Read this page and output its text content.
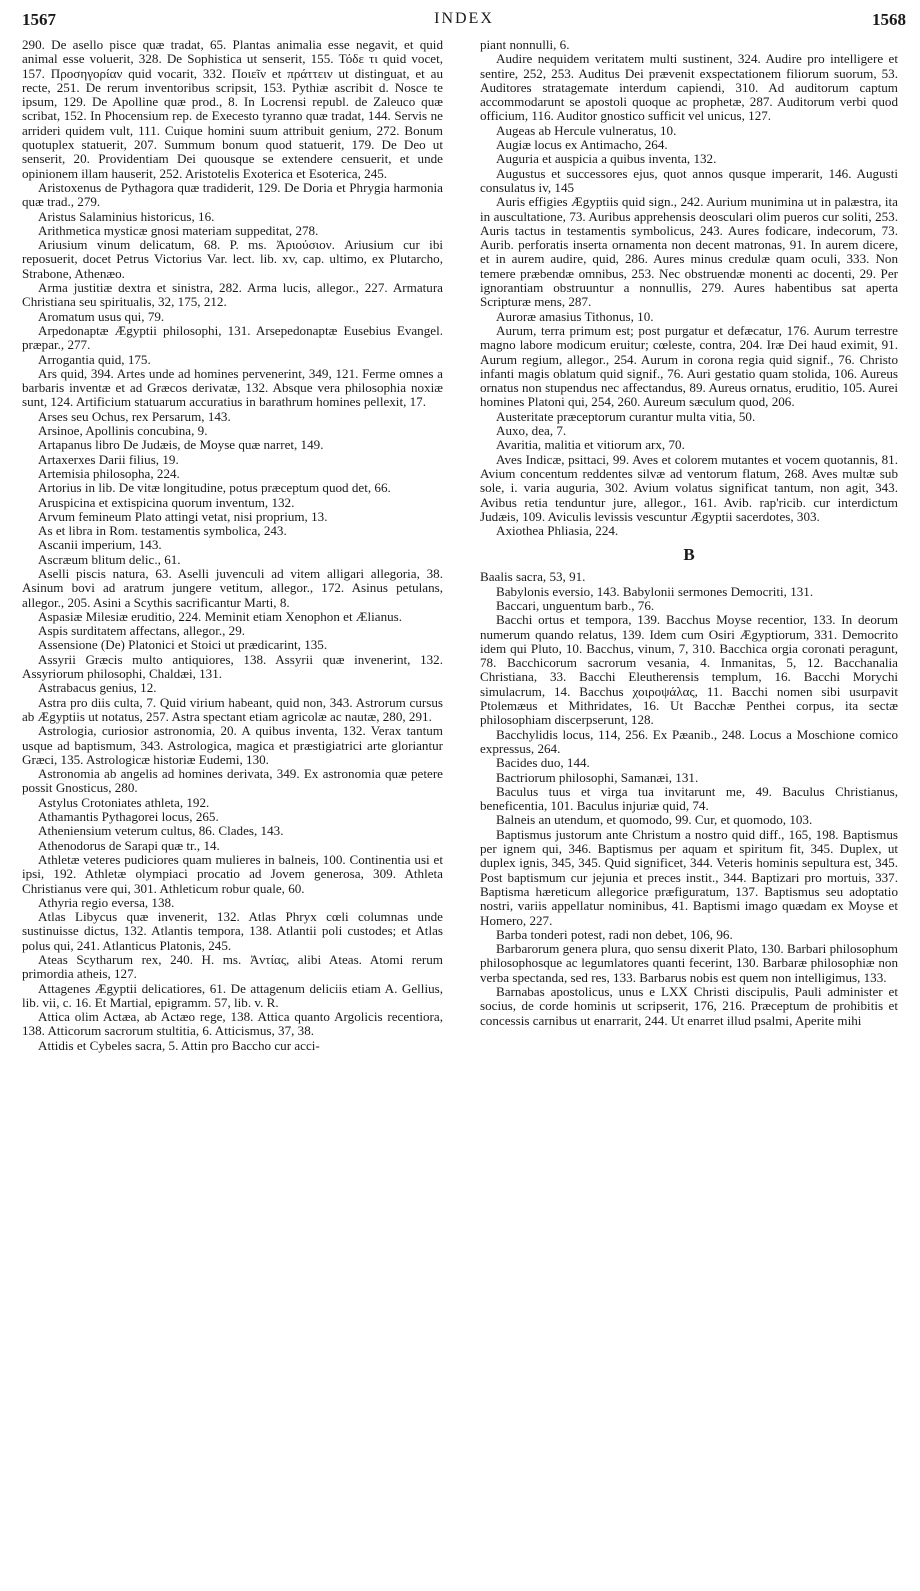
1567	INDEX	1568

290. De asello pisce quæ tradat, 65. Plantas animalia esse negavit, et quid animal esse voluerit, 328. De Sophistica ut senserit, 155. Τόδε τι quid vocet, 157. Προσηγορίαν quid vocarit, 332. Ποιεῖν et πράττειν ut distinguat, et au recte, 251. De rerum inventoribus scripsit, 153. Pythiæ ascribit d. Nosce te ipsum, 129. De Apolline quæ prod., 8. In Locrensi republ. de Zaleuco quæ scribat, 152. In Phocensium rep. de Execesto tyranno quæ tradat, 144. Servis ne arrideri quidem vult, 111. Cuique homini suum attribuit genium, 272. Bonum quotuplex statuerit, 207. Summum bonum quod statuerit, 179. De Deo ut senserit, 20. Providentiam Dei quousque se extendere censuerit, et unde opinionem illam hauserit, 252. Aristotelis Exoterica et Esoterica, 245.

Aristoxenus de Pythagora quæ tradiderit, 129. De Doria et Phrygia harmonia quæ trad., 279.

Aristus Salaminius historicus, 16.

Arithmetica mysticæ gnosi materiam suppeditat, 278.

Ariusium vinum delicatum, 68. P. ms. Ἀριούσιον. Ariusium cur ibi reposuerit, docet Petrus Victorius Var. lect. lib. xv, cap. ultimo, ex Plutarcho, Strabone, Athenæo.

Arma justitiæ dextra et sinistra, 282. Arma lucis, allegor., 227. Armatura Christiana seu spiritualis, 32, 175, 212.

Aromatum usus qui, 79.

Arpedonaptæ Ægyptii philosophi, 131. Arsepedonaptæ Eusebius Evangel. præpar., 277.

Arrogantia quid, 175.

Ars quid, 394. Artes unde ad homines pervenerint, 349, 121. Ferme omnes a barbaris inventæ et ad Græcos derivatæ, 132. Absque vera philosophia noxiæ sunt, 124. Artificium statuarum accuratius in barathrum homines pellexit, 17.

Arses seu Ochus, rex Persarum, 143.

Arsinoe, Apollinis concubina, 9.

Artapanus libro De Judæis, de Moyse quæ narret, 149.

Artaxerxes Darii filius, 19.

Artemisia philosopha, 224.

Artorius in lib. De vitæ longitudine, potus præceptum quod det, 66.

Aruspicina et extispicina quorum inventum, 132.

Arvum femineum Plato attingi vetat, nisi proprium, 13.

As et libra in Rom. testamentis symbolica, 243.

Ascanii imperium, 143.

Ascræum blitum delic., 61.

Aselli piscis natura, 63. Aselli juvenculi ad vitem alligari allegoria, 38. Asinum bovi ad aratrum jungere vetitum, allegor., 172. Asinus petulans, allegor., 205. Asini a Scythis sacrificantur Marti, 8.

Aspasiæ Milesiæ eruditio, 224. Meminit etiam Xenophon et Ælianus.

Aspis surditatem affectans, allegor., 29.

Assensione (De) Platonici et Stoici ut prædicarint, 135.

Assyrii Græcis multo antiquiores, 138. Assyrii quæ invenerint, 132. Assyriorum philosophi, Chaldæi, 131.

Astrabacus genius, 12.

Astra pro diis culta, 7. Quid virium habeant, quid non, 343. Astrorum cursus ab Ægyptiis ut notatus, 257. Astra spectant etiam agricolæ ac nautæ, 280, 291.

Astrologia, curiosior astronomia, 20. A quibus inventa, 132. Verax tantum usque ad baptismum, 343. Astrologica, magica et præstigiatrici arte gloriantur Græci, 135. Astrologicæ historiæ Eudemi, 130.

Astronomia ab angelis ad homines derivata, 349. Ex astronomia quæ petere possit Gnosticus, 280.

Astylus Crotoniates athleta, 192.

Athamantis Pythagorei locus, 265.

Atheniensium veterum cultus, 86. Clades, 143.

Athenodorus de Sarapi quæ tr., 14.

Athletæ veteres pudiciores quam mulieres in balneis, 100. Continentia usi et ipsi, 192. Athletæ olympiaci procatio ad Jovem generosa, 309. Athleta Christianus vere qui, 301. Athleticum robur quale, 60.

Athyria regio eversa, 138.

Atlas Libycus quæ invenerit, 132. Atlas Phryx cœli columnas unde sustinuisse dictus, 132. Atlantis tempora, 138. Atlantii poli custodes; et Atlas polus qui, 241. Atlanticus Platonis, 245.

Ateas Scytharum rex, 240. H. ms. Ἀντίας, alibi Ateas. Atomi rerum primordia atheis, 127.

Attagenes Ægyptii delicatiores, 61. De attagenum deliciis etiam A. Gellius, lib. vii, c. 16. Et Martial, epigramm. 57, lib. v. R.

Attica olim Actæa, ab Actæo rege, 138. Attica quanto Argolicis recentiora, 138. Atticorum sacrorum stultitia, 6. Atticismus, 37, 38.

Attidis et Cybeles sacra, 5. Attin pro Baccho cur acci-

piant nonnulli, 6.

Audire nequidem veritatem multi sustinent, 324. Audire pro intelligere et sentire, 252, 253. Auditus Dei prævenit exspectationem filiorum suorum, 53. Auditores stratagemate interdum capiendi, 310. Ad auditorum captum accommodarunt se apostoli quoque ac prophetæ, 287. Auditorum verbi quod officium, 116. Auditor gnostico sufficit vel unicus, 127.

Augeas ab Hercule vulneratus, 10.

Augiæ locus ex Antimacho, 264.

Auguria et auspicia a quibus inventa, 132.

Augustus et successores ejus, quot annos qusque imperarit, 146. Augusti consulatus iv, 145

Auris effigies Ægyptiis quid sign., 242. Aurium munimina ut in palæstra, ita in auscultatione, 73. Auribus apprehensis deosculari olim pueros cur soliti, 253. Auris tactus in testamentis symbolicus, 243. Aures fodicare, indecorum, 73. Aurib. perforatis inserta ornamenta non decent matronas, 91. In aurem dicere, et in aurem audire, quid, 286. Aures minus credulæ quam oculi, 333. Non temere præbendæ omnibus, 253. Nec obstruendæ monenti ac docenti, 29. Per ignorantiam obstruuntur a nonnullis, 279. Aures habentibus sat aperta Scripturæ mens, 287.

Auroræ amasius Tithonus, 10.

Aurum, terra primum est; post purgatur et defæcatur, 176. Aurum terrestre magno labore modicum eruitur; cœleste, contra, 204. Iræ Dei haud eximit, 91. Aurum regium, allegor., 254. Aurum in corona regia quid signif., 76. Christo infanti magis oblatum quid signif., 76. Auri gestatio quam stolida, 106. Aureus ornatus non stupendus nec affectandus, 89. Aureus ornatus, eruditio, 105. Aurei homines Platoni qui, 254, 260. Aureum sæculum quod, 206.

Austeritate præceptorum curantur multa vitia, 50.

Auxo, dea, 7.

Avaritia, malitia et vitiorum arx, 70.

Aves Indicæ, psittaci, 99. Aves et colorem mutantes et vocem quotannis, 81. Avium concentum reddentes silvæ ad ventorum flatum, 268. Aves multæ sub sole, i. varia auguria, 302. Avium volatus significat tantum, non agit, 343. Avibus retia tenduntur jure, allegor., 161. Avib. rap'ricib. cur interdictum Judæis, 109. Aviculis levissis vescuntur Ægyptii sacerdotes, 303.

Axiothea Phliasia, 224.

B

Baalis sacra, 53, 91.

Babylonis eversio, 143. Babylonii sermones Democriti, 131.

Baccari, unguentum barb., 76.

Bacchi ortus et tempora, 139. Bacchus Moyse recentior, 133. In deorum numerum quando relatus, 139. Idem cum Osiri Ægyptiorum, 331. Democrito idem qui Pluto, 10. Bacchus, vinum, 7, 310. Bacchica orgia coronati peragunt, 78. Bacchicorum sacrorum vesania, 4. Inmanitas, 5, 12. Bacchanalia Christiana, 33. Bacchi Eleutherensis templum, 16. Bacchi Morychi simulacrum, 14. Bacchus χοιροψάλας, 11. Bacchi nomen sibi usurpavit Ptolemæus et Mithridates, 16. Ut Bacchæ Penthei corpus, ita sectæ philosophiam discerpserunt, 128.

Bacchylidis locus, 114, 256. Ex Pæanib., 248. Locus a Moschione comico expressus, 264.

Bacides duo, 144.

Bactriorum philosophi, Samanæi, 131.

Baculus tuus et virga tua invitarunt me, 49. Baculus Christianus, beneficentia, 101. Baculus injuriæ quid, 74.

Balneis an utendum, et quomodo, 99. Cur, et quomodo, 103.

Baptismus justorum ante Christum a nostro quid diff., 165, 198. Baptismus per ignem qui, 346. Baptismus per aquam et spiritum fit, 345. Duplex, ut duplex ignis, 345, 345. Quid significet, 344. Veteris hominis sepultura est, 345. Post baptismum cur jejunia et preces instit., 344. Baptizari pro mortuis, 337. Baptisma hæreticum allegorice præfiguratum, 137. Baptismus seu adoptatio nostri, variis appellatur nominibus, 41. Baptismi imago quædam ex Moyse et Homero, 227.

Barba tonderi potest, radi non debet, 106, 96.

Barbarorum genera plura, quo sensu dixerit Plato, 130. Barbari philosophum philosophosque ac legumlatores quanti fecerint, 130. Barbaræ philosophiæ non verba spectanda, sed res, 133. Barbarus nobis est quem non intelligimus, 133.

Barnabas apostolicus, unus e LXX Christi discipulis, Pauli administer et socius, de corde hominis ut scripserit, 176, 216. Præceptum de prohibitis et concessis carnibus ut enarrarit, 244. Ut enarret illud psalmi, Aperite mihi
